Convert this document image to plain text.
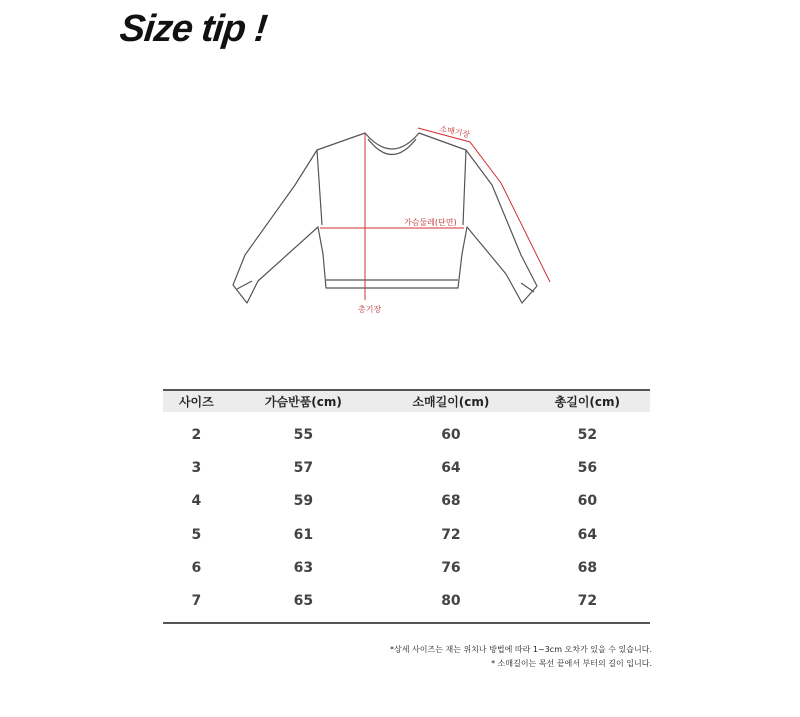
Size tip !
소매기장
가슴둘레(단면)
총기장
사이즈	가슴반품(cm)	소매길이(cm)	총길이(cm)
2	55	60	52
3	57	64	56
4	59	68	60
5	61	72	64
6	63	76	68
7	65	80	72
*상세 사이즈는 재는 위치나 방법에 따라 1~3cm 오차가 있을 수 있습니다.
* 소매길이는 목선 끝에서 부터의 길이 입니다.
